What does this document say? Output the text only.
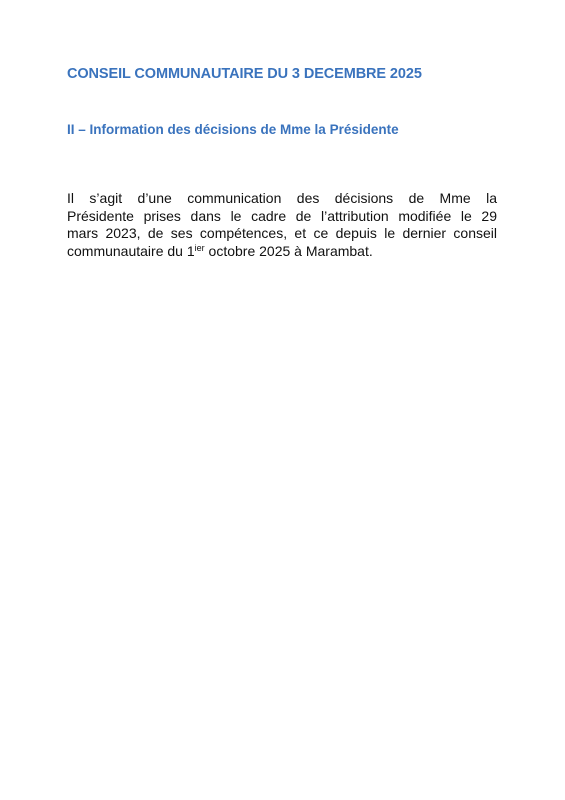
CONSEIL COMMUNAUTAIRE DU 3 DECEMBRE 2025
II – Information des décisions de Mme la Présidente

Il s’agit d’une communication des décisions de Mme la
Présidente prises dans le cadre de l’attribution modifiée le 29
mars 2023, de ses compétences, et ce depuis le dernier conseil
communautaire du $1^{ier}$ octobre 2025 à Marambat.
